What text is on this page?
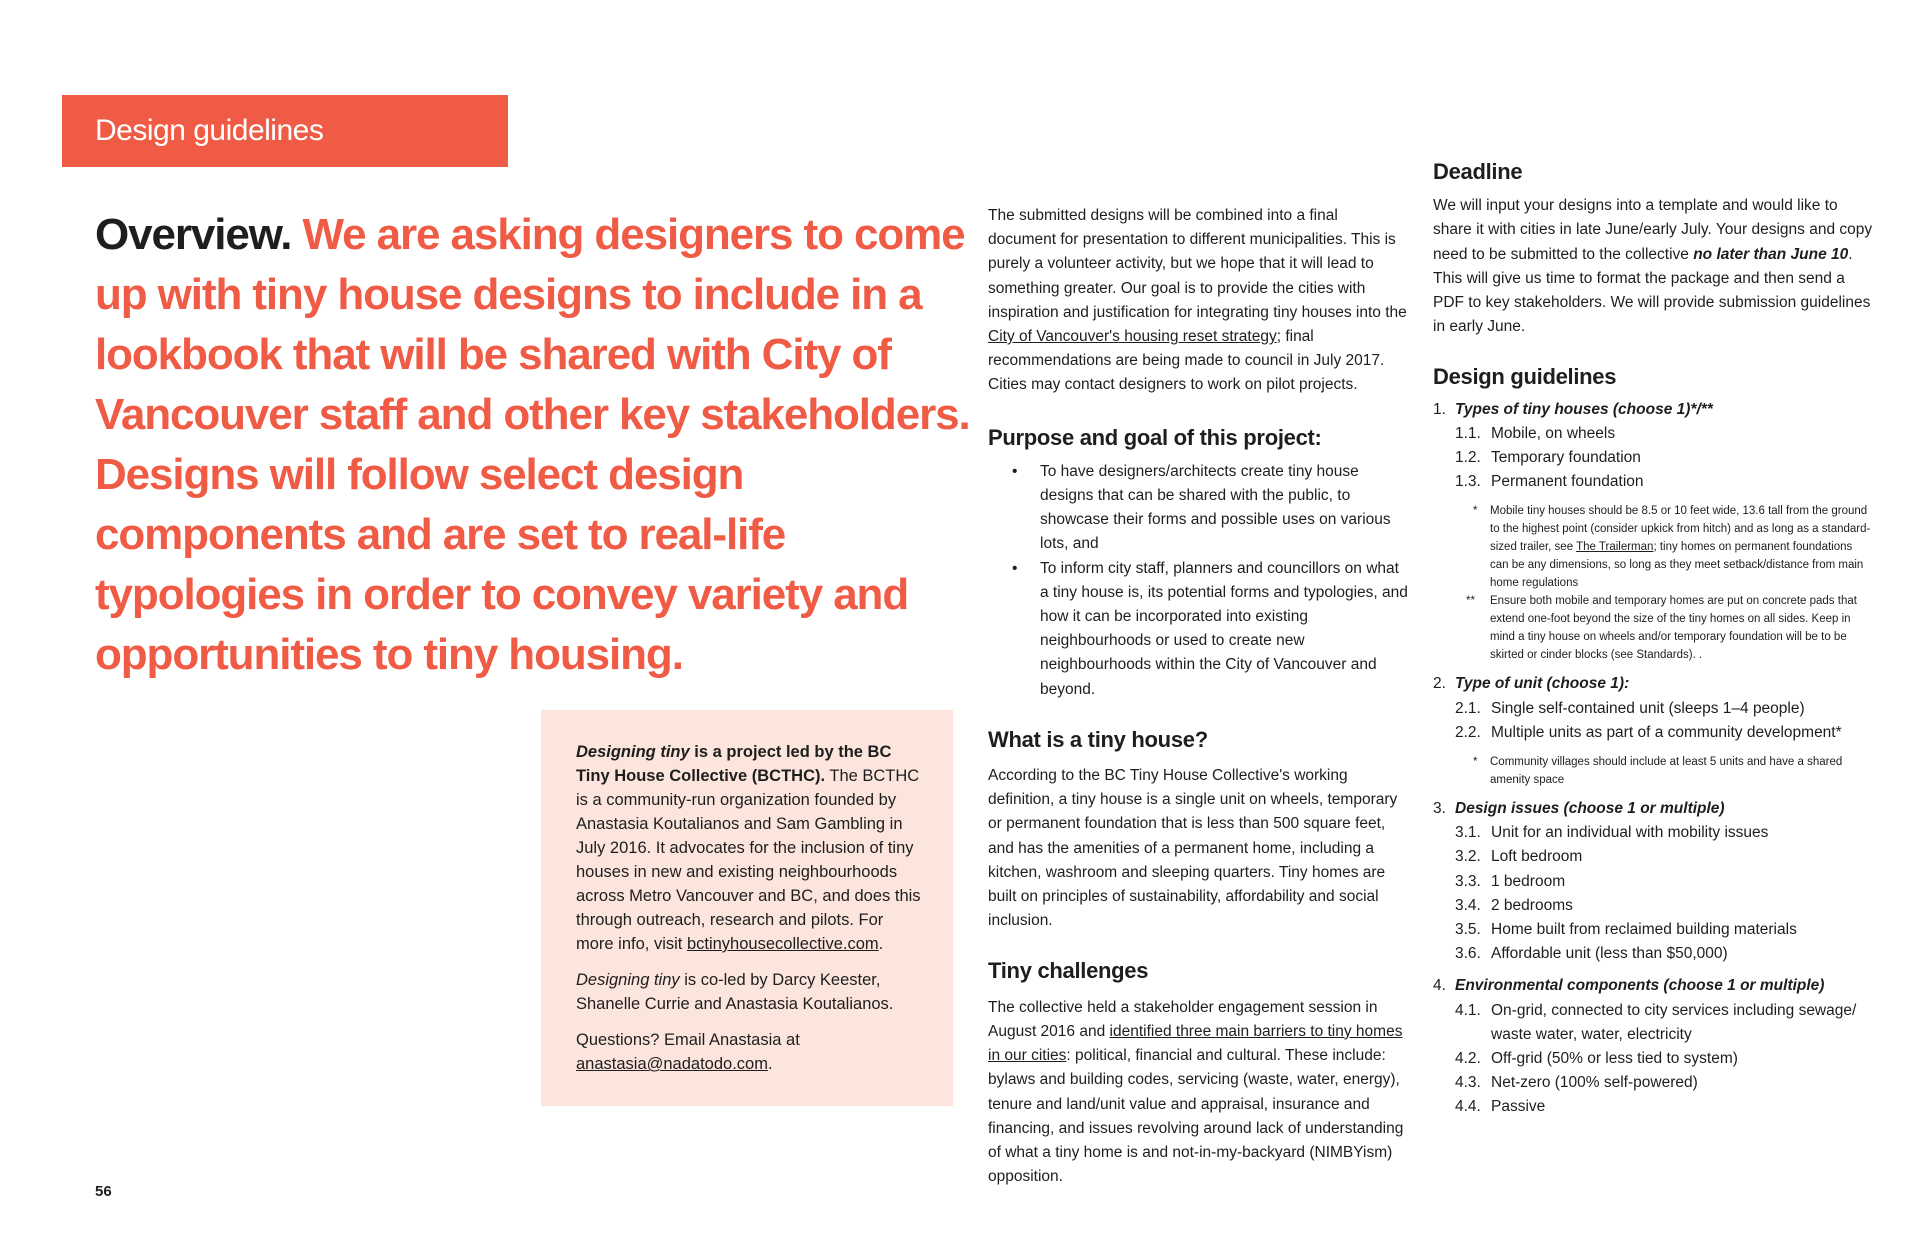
Design guidelines

Overview. We are asking designers to come up with tiny house designs to include in a lookbook that will be shared with City of Vancouver staff and other key stakeholders. Designs will follow select design components and are set to real-life typologies in order to convey variety and opportunities to tiny housing.

Designing tiny is a project led by the BC Tiny House Collective (BCTHC). The BCTHC is a community-run organization founded by Anastasia Koutalianos and Sam Gambling in July 2016. It advocates for the inclusion of tiny houses in new and existing neighbourhoods across Metro Vancouver and BC, and does this through outreach, research and pilots. For more info, visit bctinyhousecollective.com.

Designing tiny is co-led by Darcy Keester, Shanelle Currie and Anastasia Koutalianos.

Questions? Email Anastasia at anastasia@nadatodo.com.

The submitted designs will be combined into a final document for presentation to different municipalities. This is purely a volunteer activity, but we hope that it will lead to something greater. Our goal is to provide the cities with inspiration and justification for integrating tiny houses into the City of Vancouver's housing reset strategy; final recommendations are being made to council in July 2017. Cities may contact designers to work on pilot projects.

Purpose and goal of this project:
• To have designers/architects create tiny house designs that can be shared with the public, to showcase their forms and possible uses on various lots, and
• To inform city staff, planners and councillors on what a tiny house is, its potential forms and typologies, and how it can be incorporated into existing neighbourhoods or used to create new neighbourhoods within the City of Vancouver and beyond.
What is a tiny house?

According to the BC Tiny House Collective's working definition, a tiny house is a single unit on wheels, temporary or permanent foundation that is less than 500 square feet, and has the amenities of a permanent home, including a kitchen, washroom and sleeping quarters. Tiny homes are built on principles of sustainability, affordability and social inclusion.

Tiny challenges

The collective held a stakeholder engagement session in August 2016 and identified three main barriers to tiny homes in our cities: political, financial and cultural. These include: bylaws and building codes, servicing (waste, water, energy), tenure and land/unit value and appraisal, insurance and financing, and issues revolving around lack of understanding of what a tiny home is and not-in-my-backyard (NIMBYism) opposition.

Deadline

We will input your designs into a template and would like to share it with cities in late June/early July. Your designs and copy need to be submitted to the collective no later than June 10. This will give us time to format the package and then send a PDF to key stakeholders. We will provide submission guidelines in early June.

Design guidelines
1. Types of tiny houses (choose 1)*/**
1.1. Mobile, on wheels
1.2. Temporary foundation
1.3. Permanent foundation

* Mobile tiny houses should be 8.5 or 10 feet wide, 13.6 tall from the ground to the highest point (consider upkick from hitch) and as long as a standard-sized trailer, see The Trailerman; tiny homes on permanent foundations can be any dimensions, so long as they meet setback/distance from main home regulations

** Ensure both mobile and temporary homes are put on concrete pads that extend one-foot beyond the size of the tiny homes on all sides. Keep in mind a tiny house on wheels and/or temporary foundation will be to be skirted or cinder blocks (see Standards). .

2. Type of unit (choose 1):
2.1. Single self-contained unit (sleeps 1–4 people)
2.2. Multiple units as part of a community development*

* Community villages should include at least 5 units and have a shared amenity space

3. Design issues (choose 1 or multiple)
3.1. Unit for an individual with mobility issues
3.2. Loft bedroom
3.3. 1 bedroom
3.4. 2 bedrooms
3.5. Home built from reclaimed building materials
3.6. Affordable unit (less than $50,000)
4. Environmental components (choose 1 or multiple)
4.1. On-grid, connected to city services including sewage/ waste water, water, electricity
4.2. Off-grid (50% or less tied to system)
4.3. Net-zero (100% self-powered)
4.4. Passive
56
